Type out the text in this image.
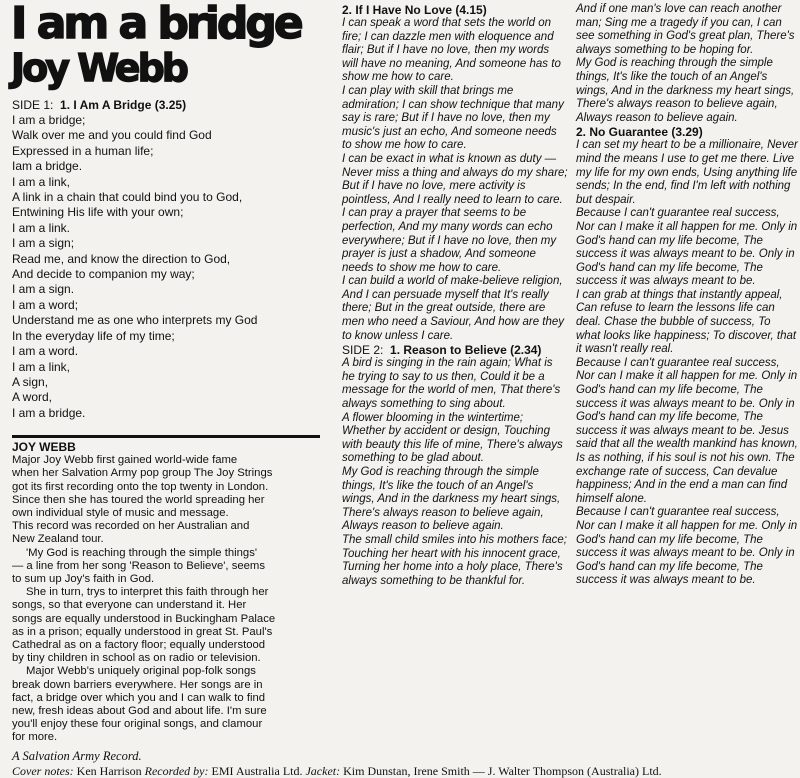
I am a bridge
Joy Webb
SIDE 1: 1. I Am A Bridge (3.25)
I am a bridge;
Walk over me and you could find God
Expressed in a human life;
Iam a bridge.
I am a link,
A link in a chain that could bind you to God,
Entwining His life with your own;
I am a link.
I am a sign;
Read me, and know the direction to God,
And decide to companion my way;
I am a sign.
I am a word;
Understand me as one who interprets my God
In the everyday life of my time;
I am a word.
I am a link,
A sign,
A word,
I am a bridge.
JOY WEBB

Major Joy Webb first gained world-wide fame

when her Salvation Army pop group The Joy Strings

got its first recording onto the top twenty in London.

Since then she has toured the world spreading her

own individual style of music and message.

This record was recorded on her Australian and

New Zealand tour.

'My God is reaching through the simple things'

— a line from her song 'Reason to Believe', seems

to sum up Joy's faith in God.

She in turn, trys to interpret this faith through her

songs, so that everyone can understand it. Her

songs are equally understood in Buckingham Palace

as in a prison; equally understood in great St. Paul's

Cathedral as on a factory floor; equally understood

by tiny children in school as on radio or television.

Major Webb's uniquely original pop-folk songs

break down barriers everywhere. Her songs are in

fact, a bridge over which you and I can walk to find

new, fresh ideas about God and about life. I'm sure

you'll enjoy these four original songs, and clamour

for more.

A Salvation Army Record.
2. If I Have No Love (4.15)

I can speak a word that sets the world on fire; I can dazzle men with eloquence and flair; But if I have no love, then my words will have no meaning, And someone has to show me how to care.

I can play with skill that brings me admiration; I can show technique that many say is rare; But if I have no love, then my music's just an echo, And someone needs to show me how to care.

I can be exact in what is known as duty — Never miss a thing and always do my share; But if I have no love, mere activity is pointless, And I really need to learn to care.

I can pray a prayer that seems to be perfection, And my many words can echo everywhere; But if I have no love, then my prayer is just a shadow, And someone needs to show me how to care.

I can build a world of make-believe religion, And I can persuade myself that It's really there; But in the great outside, there are men who need a Saviour, And how are they to know unless I care.

SIDE 2: 1. Reason to Believe (2.34)

A bird is singing in the rain again; What is he trying to say to us then, Could it be a message for the world of men, That there's always something to sing about.

A flower blooming in the wintertime; Whether by accident or design, Touching with beauty this life of mine, There's always something to be glad about.

My God is reaching through the simple things, It's like the touch of an Angel's wings, And in the darkness my heart sings, There's always reason to believe again, Always reason to believe again.

The small child smiles into his mothers face; Touching her heart with his innocent grace, Turning her home into a holy place, There's always something to be thankful for.

And if one man's love can reach another man; Sing me a tragedy if you can, I can see something in God's great plan, There's always something to be hoping for.

My God is reaching through the simple things, It's like the touch of an Angel's wings, And in the darkness my heart sings, There's always reason to believe again, Always reason to believe again.

2. No Guarantee (3.29)

I can set my heart to be a millionaire, Never mind the means I use to get me there. Live my life for my own ends, Using anything life sends; In the end, find I'm left with nothing but despair.

Because I can't guarantee real success, Nor can I make it all happen for me. Only in God's hand can my life become, The success it was always meant to be. Only in God's hand can my life become, The success it was always meant to be.

I can grab at things that instantly appeal, Can refuse to learn the lessons life can deal. Chase the bubble of success, To what looks like happiness; To discover, that it wasn't really real.

Because I can't guarantee real success, Nor can I make it all happen for me. Only in God's hand can my life become, The success it was always meant to be. Only in God's hand can my life become, The success it was always meant to be. Jesus said that all the wealth mankind has known, Is as nothing, if his soul is not his own. The exchange rate of success, Can devalue happiness; And in the end a man can find himself alone.

Because I can't guarantee real success, Nor can I make it all happen for me. Only in God's hand can my life become, The success it was always meant to be. Only in God's hand can my life become, The success it was always meant to be.

Cover notes: Ken Harrison Recorded by: EMI Australia Ltd. Jacket: Kim Dunstan, Irene Smith — J. Walter Thompson (Australia) Ltd.
